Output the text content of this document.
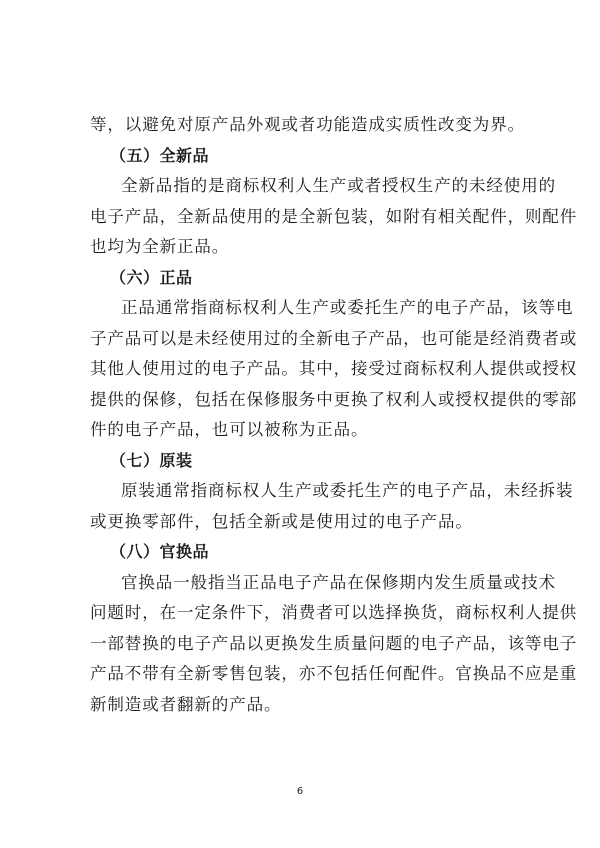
等，以避免对原产品外观或者功能造成实质性改变为界。
（五）全新品
全新品指的是商标权利人生产或者授权生产的未经使用的
电子产品，全新品使用的是全新包装，如附有相关配件，则配件
也均为全新正品。
（六）正品
正品通常指商标权利人生产或委托生产的电子产品，该等电
子产品可以是未经使用过的全新电子产品，也可能是经消费者或
其他人使用过的电子产品。其中，接受过商标权利人提供或授权
提供的保修，包括在保修服务中更换了权利人或授权提供的零部
件的电子产品，也可以被称为正品。
（七）原装
原装通常指商标权人生产或委托生产的电子产品，未经拆装
或更换零部件，包括全新或是使用过的电子产品。
（八）官换品
官换品一般指当正品电子产品在保修期内发生质量或技术
问题时，在一定条件下，消费者可以选择换货，商标权利人提供
一部替换的电子产品以更换发生质量问题的电子产品，该等电子
产品不带有全新零售包装，亦不包括任何配件。官换品不应是重
新制造或者翻新的产品。
6
